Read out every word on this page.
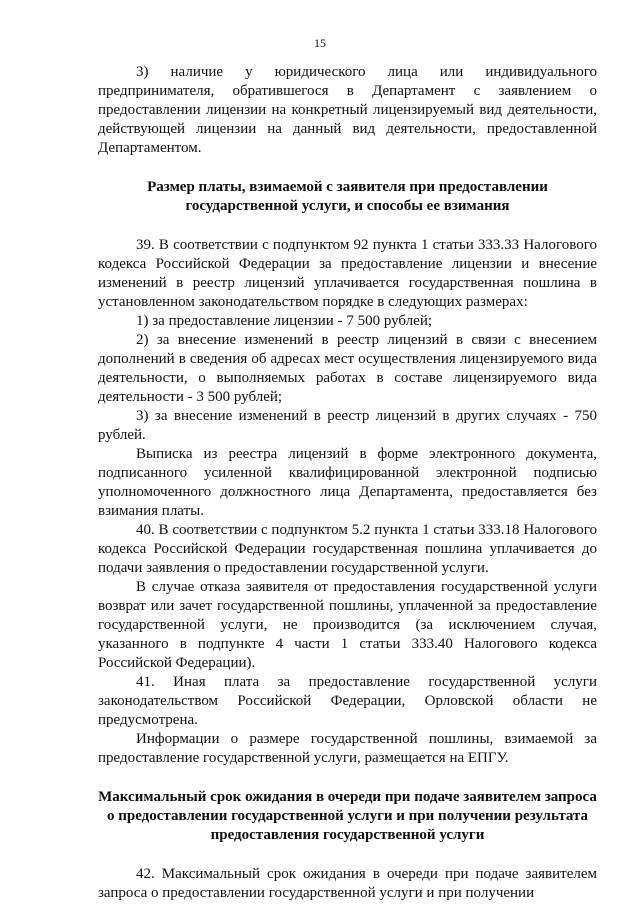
15

3) наличие у юридического лица или индивидуального предпринимателя, обратившегося в Департамент с заявлением о предоставлении лицензии на конкретный лицензируемый вид деятельности, действующей лицензии на данный вид деятельности, предоставленной Департаментом.

Размер платы, взимаемой с заявителя при предоставлении государственной услуги, и способы ее взимания

39. В соответствии с подпунктом 92 пункта 1 статьи 333.33 Налогового кодекса Российской Федерации за предоставление лицензии и внесение изменений в реестр лицензий уплачивается государственная пошлина в установленном законодательством порядке в следующих размерах:

1) за предоставление лицензии - 7 500 рублей;

2) за внесение изменений в реестр лицензий в связи с внесением дополнений в сведения об адресах мест осуществления лицензируемого вида деятельности, о выполняемых работах в составе лицензируемого вида деятельности - 3 500 рублей;

3) за внесение изменений в реестр лицензий в других случаях - 750 рублей.

Выписка из реестра лицензий в форме электронного документа, подписанного усиленной квалифицированной электронной подписью уполномоченного должностного лица Департамента, предоставляется без взимания платы.

40. В соответствии с подпунктом 5.2 пункта 1 статьи 333.18 Налогового кодекса Российской Федерации государственная пошлина уплачивается до подачи заявления о предоставлении государственной услуги.

В случае отказа заявителя от предоставления государственной услуги возврат или зачет государственной пошлины, уплаченной за предоставление государственной услуги, не производится (за исключением случая, указанного в подпункте 4 части 1 статьи 333.40 Налогового кодекса Российской Федерации).

41. Иная плата за предоставление государственной услуги законодательством Российской Федерации, Орловской области не предусмотрена.

Информации о размере государственной пошлины, взимаемой за предоставление государственной услуги, размещается на ЕПГУ.

Максимальный срок ожидания в очереди при подаче заявителем запроса о предоставлении государственной услуги и при получении результата предоставления государственной услуги

42. Максимальный срок ожидания в очереди при подаче заявителем запроса о предоставлении государственной услуги и при получении
